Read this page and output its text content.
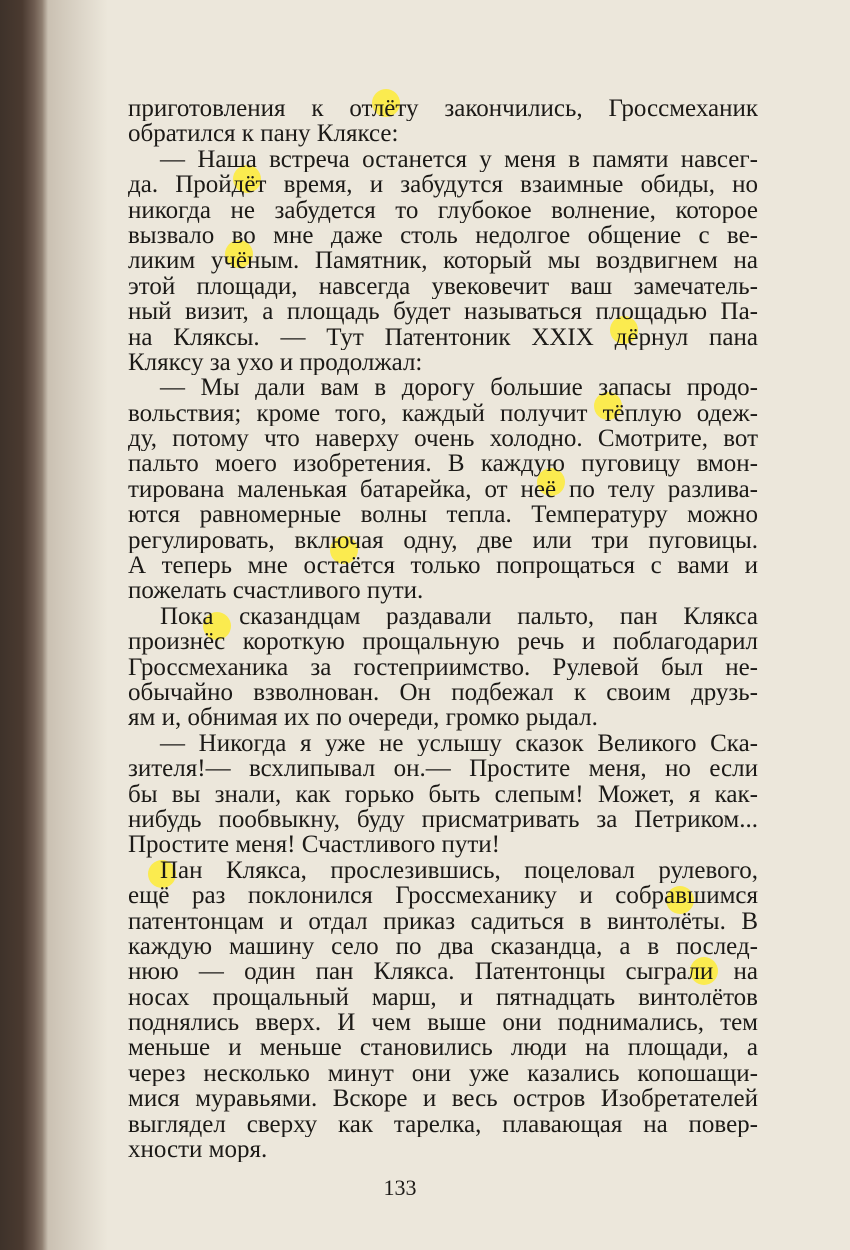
приготовления к отлёту закончились, Гроссмеханик
обратился к пану Кляксе:
— Наша встреча останется у меня в памяти навсег-
да. Пройдёт время, и забудутся взаимные обиды, но
никогда не забудется то глубокое волнение, которое
вызвало во мне даже столь недолгое общение с ве-
ликим учёным. Памятник, который мы воздвигнем на
этой площади, навсегда увековечит ваш замечатель-
ный визит, а площадь будет называться площадью Па-
на Кляксы. — Тут Патентоник XXIX дёрнул пана
Кляксу за ухо и продолжал:
— Мы дали вам в дорогу большие запасы продо-
вольствия; кроме того, каждый получит тёплую одеж-
ду, потому что наверху очень холодно. Смотрите, вот
пальто моего изобретения. В каждую пуговицу вмон-
тирована маленькая батарейка, от неё по телу разлива-
ются равномерные волны тепла. Температуру можно
регулировать, включая одну, две или три пуговицы.
А теперь мне остаётся только попрощаться с вами и
пожелать счастливого пути.
Пока сказандцам раздавали пальто, пан Клякса
произнёс короткую прощальную речь и поблагодарил
Гроссмеханика за гостеприимство. Рулевой был не-
обычайно взволнован. Он подбежал к своим друзь-
ям и, обнимая их по очереди, громко рыдал.
— Никогда я уже не услышу сказок Великого Ска-
зителя!— всхлипывал он.— Простите меня, но если
бы вы знали, как горько быть слепым! Может, я как-
нибудь пообвыкну, буду присматривать за Петриком...
Простите меня! Счастливого пути!
Пан Клякса, прослезившись, поцеловал рулевого,
ещё раз поклонился Гроссмеханику и собравшимся
патентонцам и отдал приказ садиться в винтолёты. В
каждую машину село по два сказандца, а в послед-
нюю — один пан Клякса. Патентонцы сыграли на
носах прощальный марш, и пятнадцать винтолётов
поднялись вверх. И чем выше они поднимались, тем
меньше и меньше становились люди на площади, а
через несколько минут они уже казались копошащи-
мися муравьями. Вскоре и весь остров Изобретателей
выглядел сверху как тарелка, плавающая на повер-
хности моря.
133
